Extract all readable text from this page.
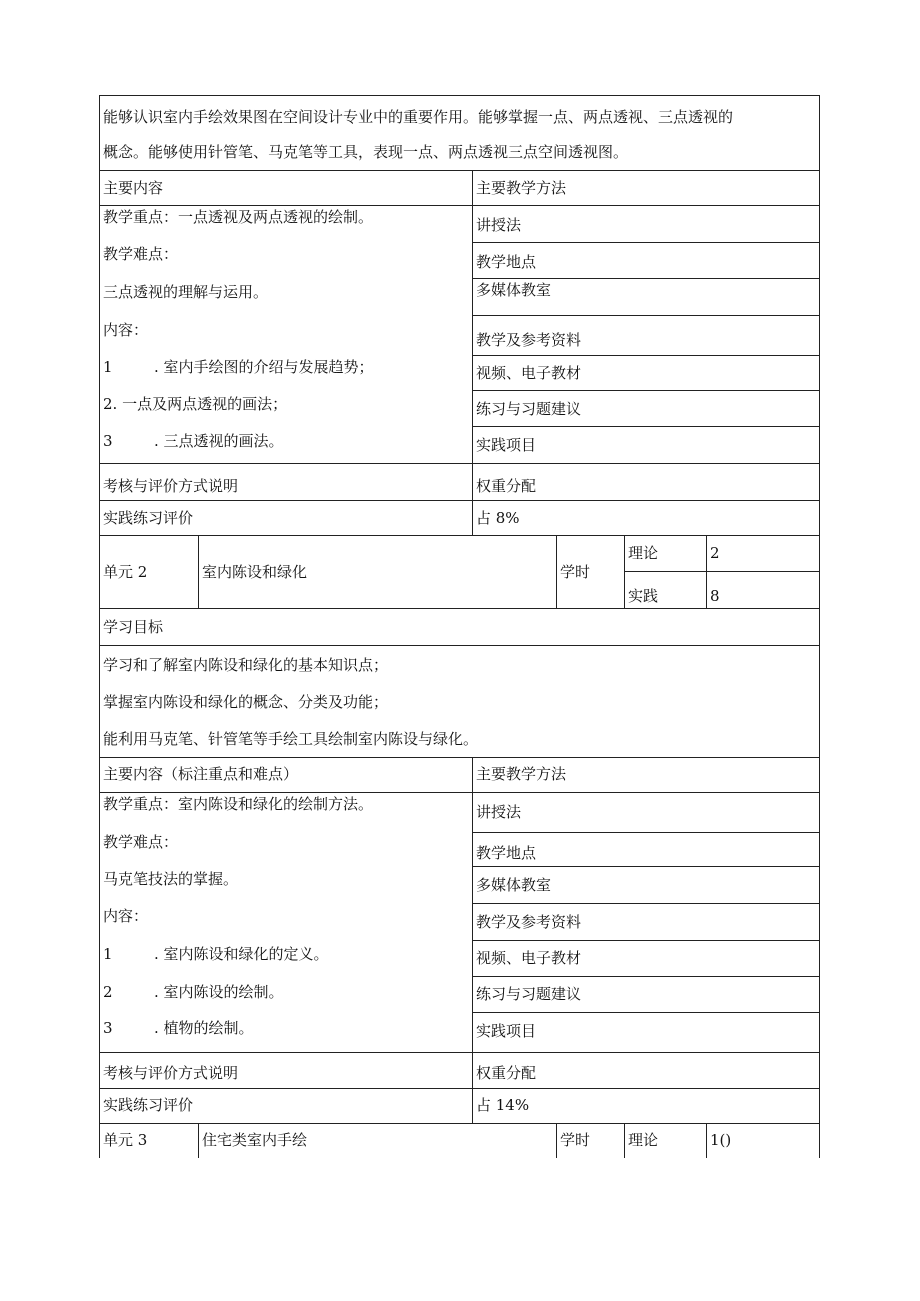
能够认识室内手绘效果图在空间设计专业中的重要作用。能够掌握一点、两点透视、三点透视的
概念。能够使用针管笔、马克笔等工具，表现一点、两点透视三点空间透视图。
主要内容	主要教学方法
教学重点：一点透视及两点透视的绘制。
教学难点：
三点透视的理解与运用。
内容：
1	. 室内手绘图的介绍与发展趋势；
2. 一点及两点透视的画法；
3	. 三点透视的画法。
讲授法
教学地点
多媒体教室
教学及参考资料
视频、电子教材
练习与习题建议
实践项目
考核与评价方式说明	权重分配
实践练习评价	占 8%
单元 2	室内陈设和绿化	学时
理论	2
实践	8
学习目标
学习和了解室内陈设和绿化的基本知识点；
掌握室内陈设和绿化的概念、分类及功能；
能利用马克笔、针管笔等手绘工具绘制室内陈设与绿化。
主要内容（标注重点和难点）	主要教学方法
教学重点：室内陈设和绿化的绘制方法。
教学难点：
马克笔技法的掌握。
内容：
1	. 室内陈设和绿化的定义。
2	. 室内陈设的绘制。
3	. 植物的绘制。
讲授法
教学地点
多媒体教室
教学及参考资料
视频、电子教材
练习与习题建议
实践项目
考核与评价方式说明	权重分配
实践练习评价	占 14%
单元 3	住宅类室内手绘	学时	理论	1()
